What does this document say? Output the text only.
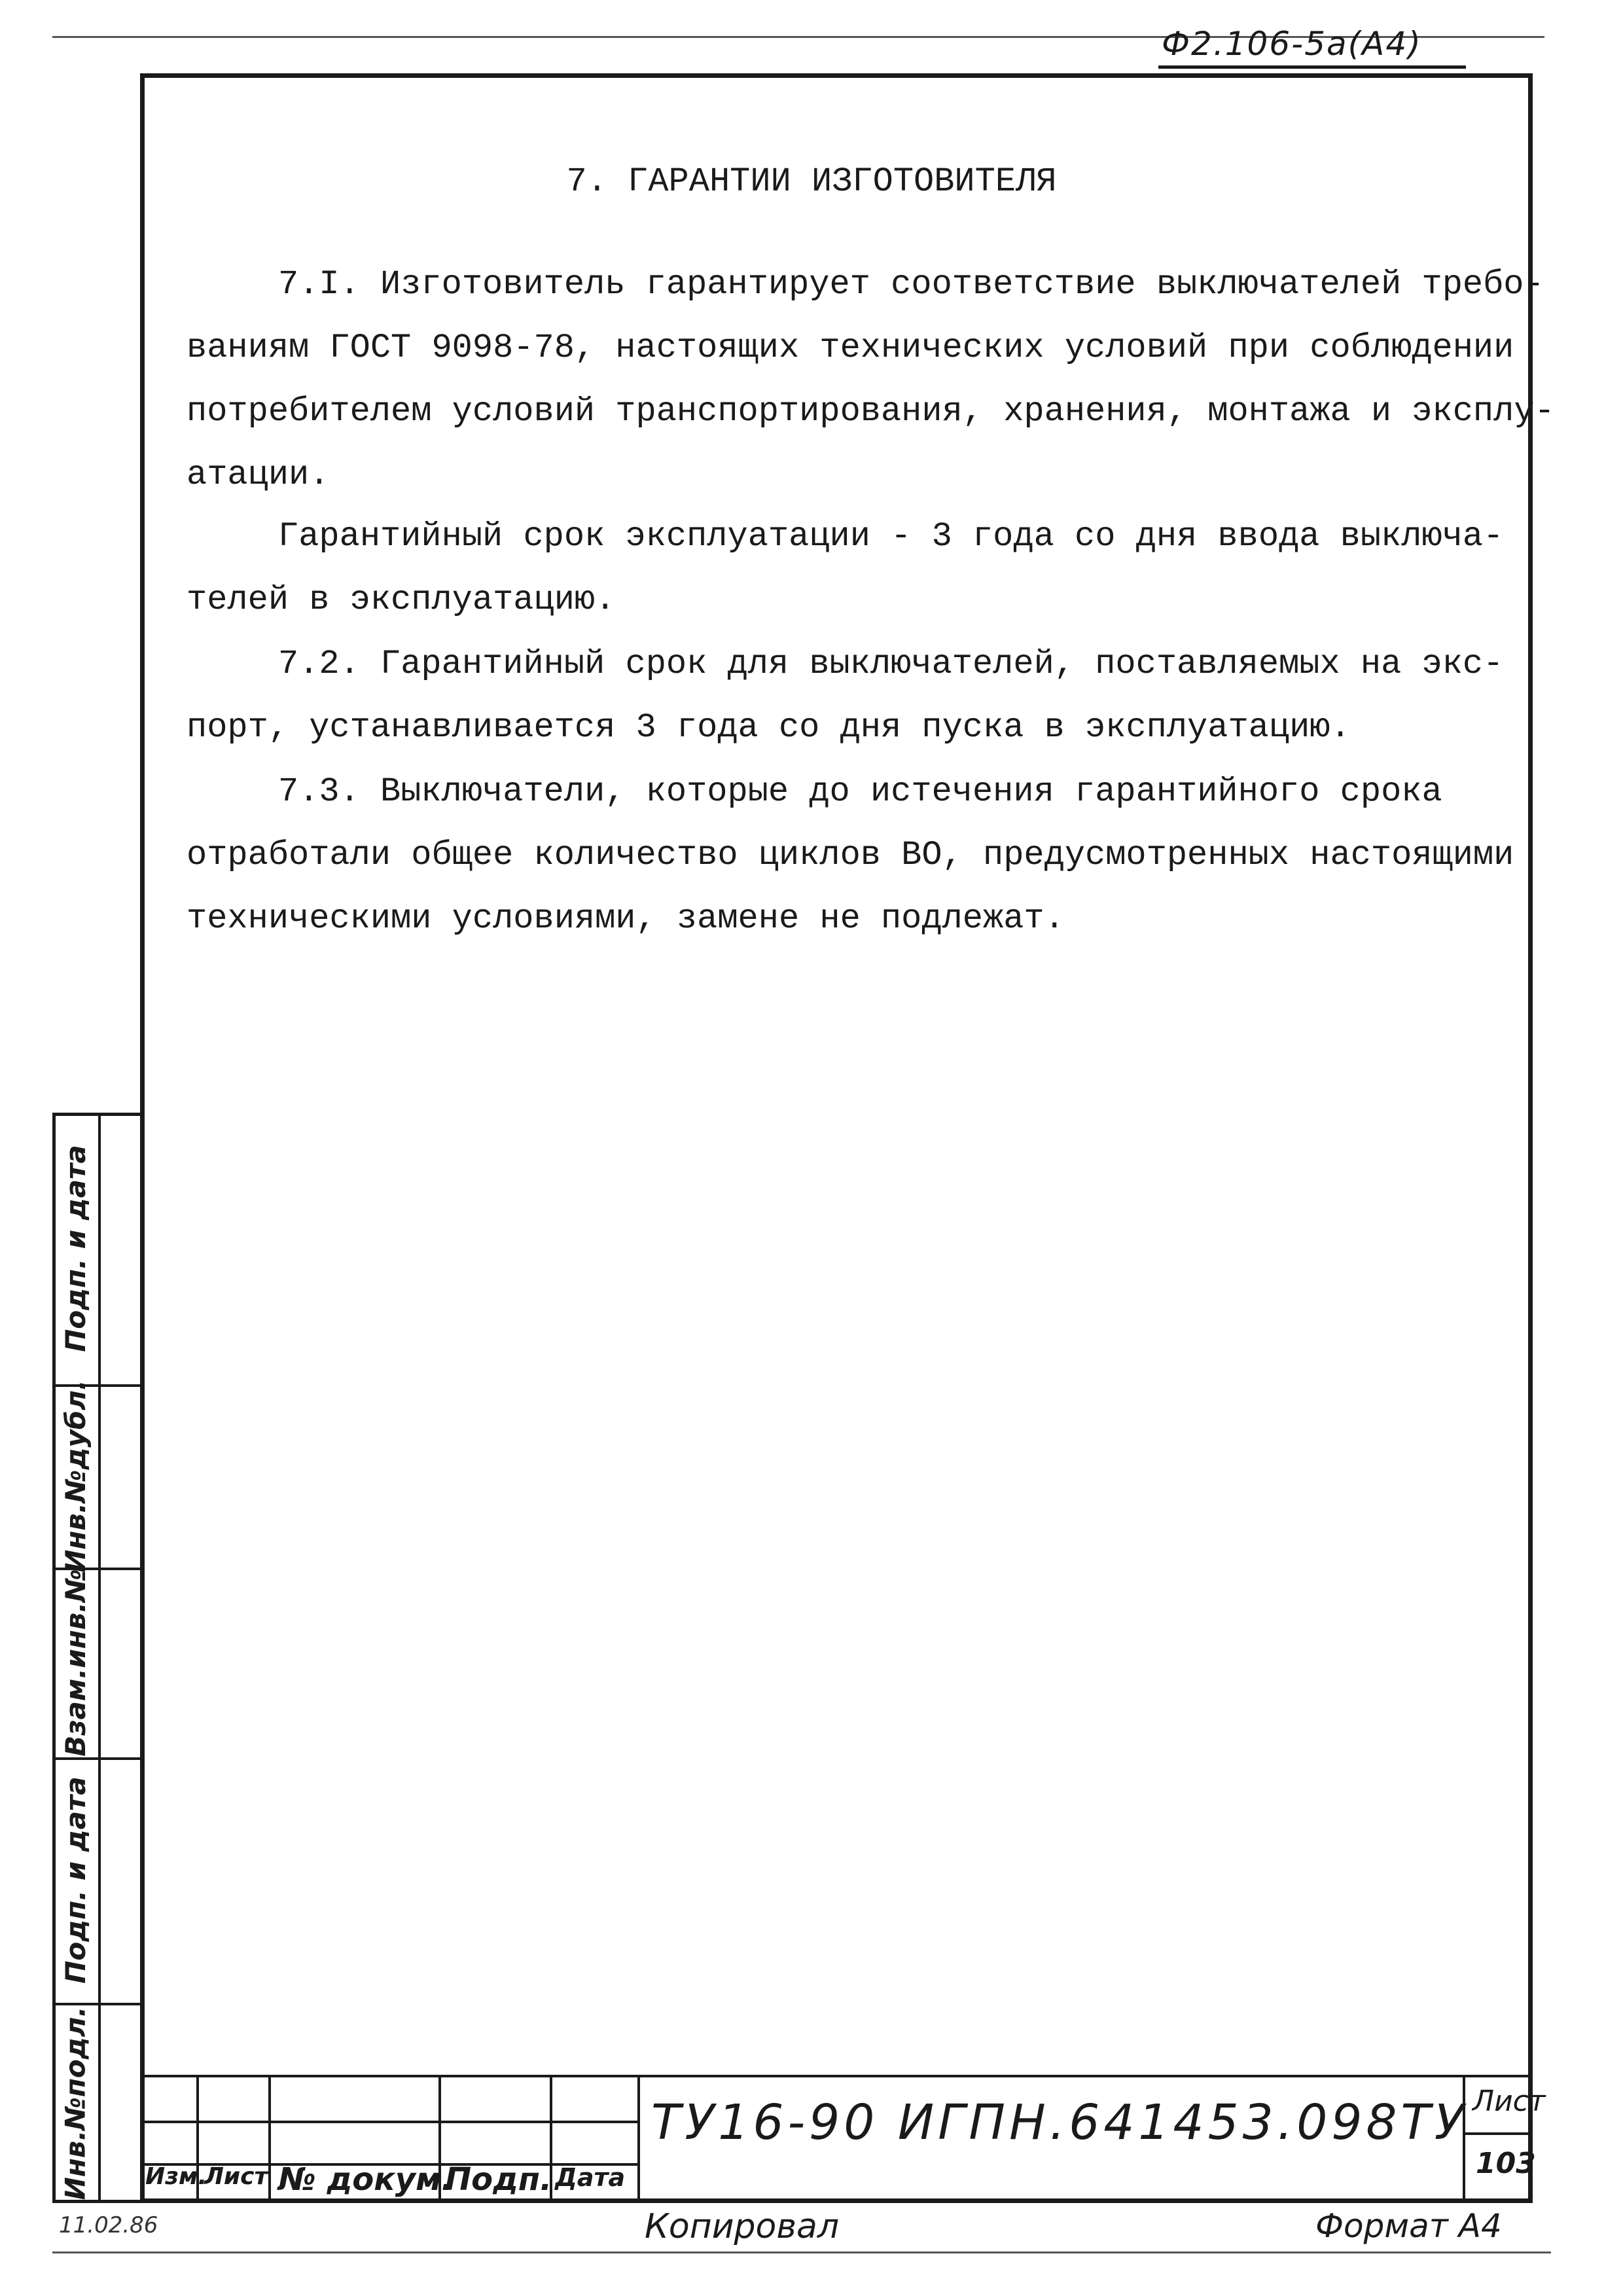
Ф2.106-5а(А4)
7. ГАРАНТИИ ИЗГОТОВИТЕЛЯ

7.I. Изготовитель гарантирует соответствие выключателей требо-

ваниям ГОСТ 9098-78, настоящих технических условий при соблюдении

потребителем условий транспортирования, хранения, монтажа и эксплу-

атации.

Гарантийный срок эксплуатации - 3 года со дня ввода выключа-

телей в эксплуатацию.

7.2. Гарантийный срок для выключателей, поставляемых на экс-

порт, устанавливается 3 года со дня пуска в эксплуатацию.

7.3. Выключатели, которые до истечения гарантийного срока

отработали общее количество циклов ВО, предусмотренных настоящими

техническими условиями, замене не подлежат.

Подп. и дата
Инв.№дубл.
Взам.инв.№
Подп. и дата
Инв.№подл.
11.02.86
Изм.
Лист № докум.
Подп. Дата
ТУ16-90 ИГПН.641453.098ТУ Лист
103
Копировал	Формат А4
